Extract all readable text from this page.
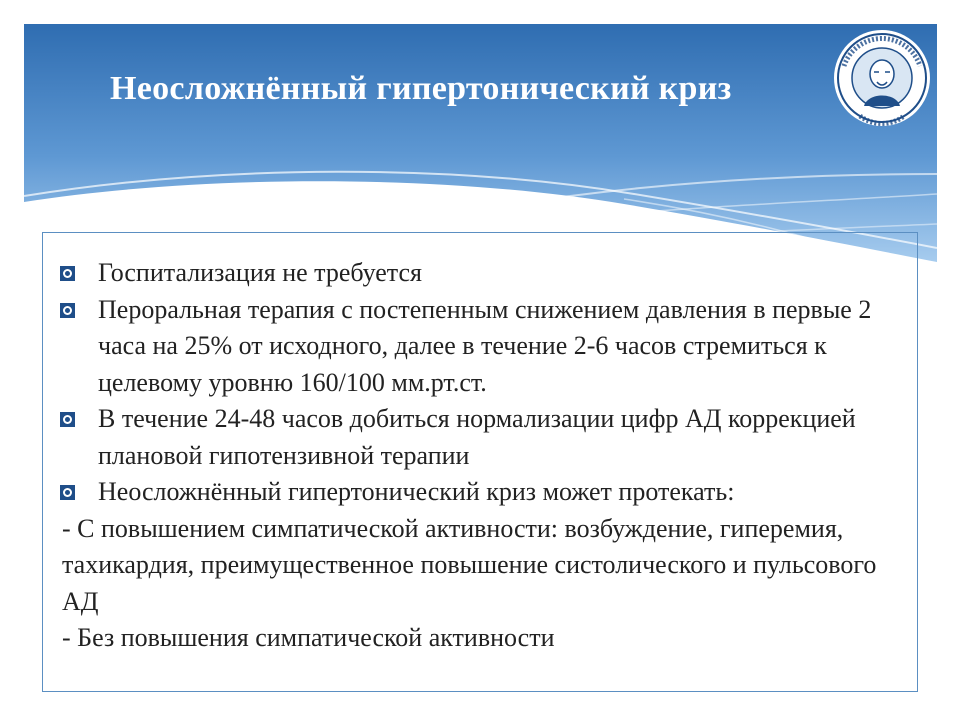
Неосложнённый гипертонический криз

Госпитализация не требуется

Пероральная терапия с постепенным снижением давления в первые 2 часа на 25% от исходного, далее в течение 2-6 часов стремиться к целевому уровню 160/100 мм.рт.ст.

В течение 24-48 часов добиться нормализации цифр АД коррекцией плановой гипотензивной терапии

Неосложнённый гипертонический криз может протекать:

- С повышением симпатической активности: возбуждение, гиперемия, тахикардия, преимущественное повышение систолического и пульсового АД

- Без повышения симпатической активности
